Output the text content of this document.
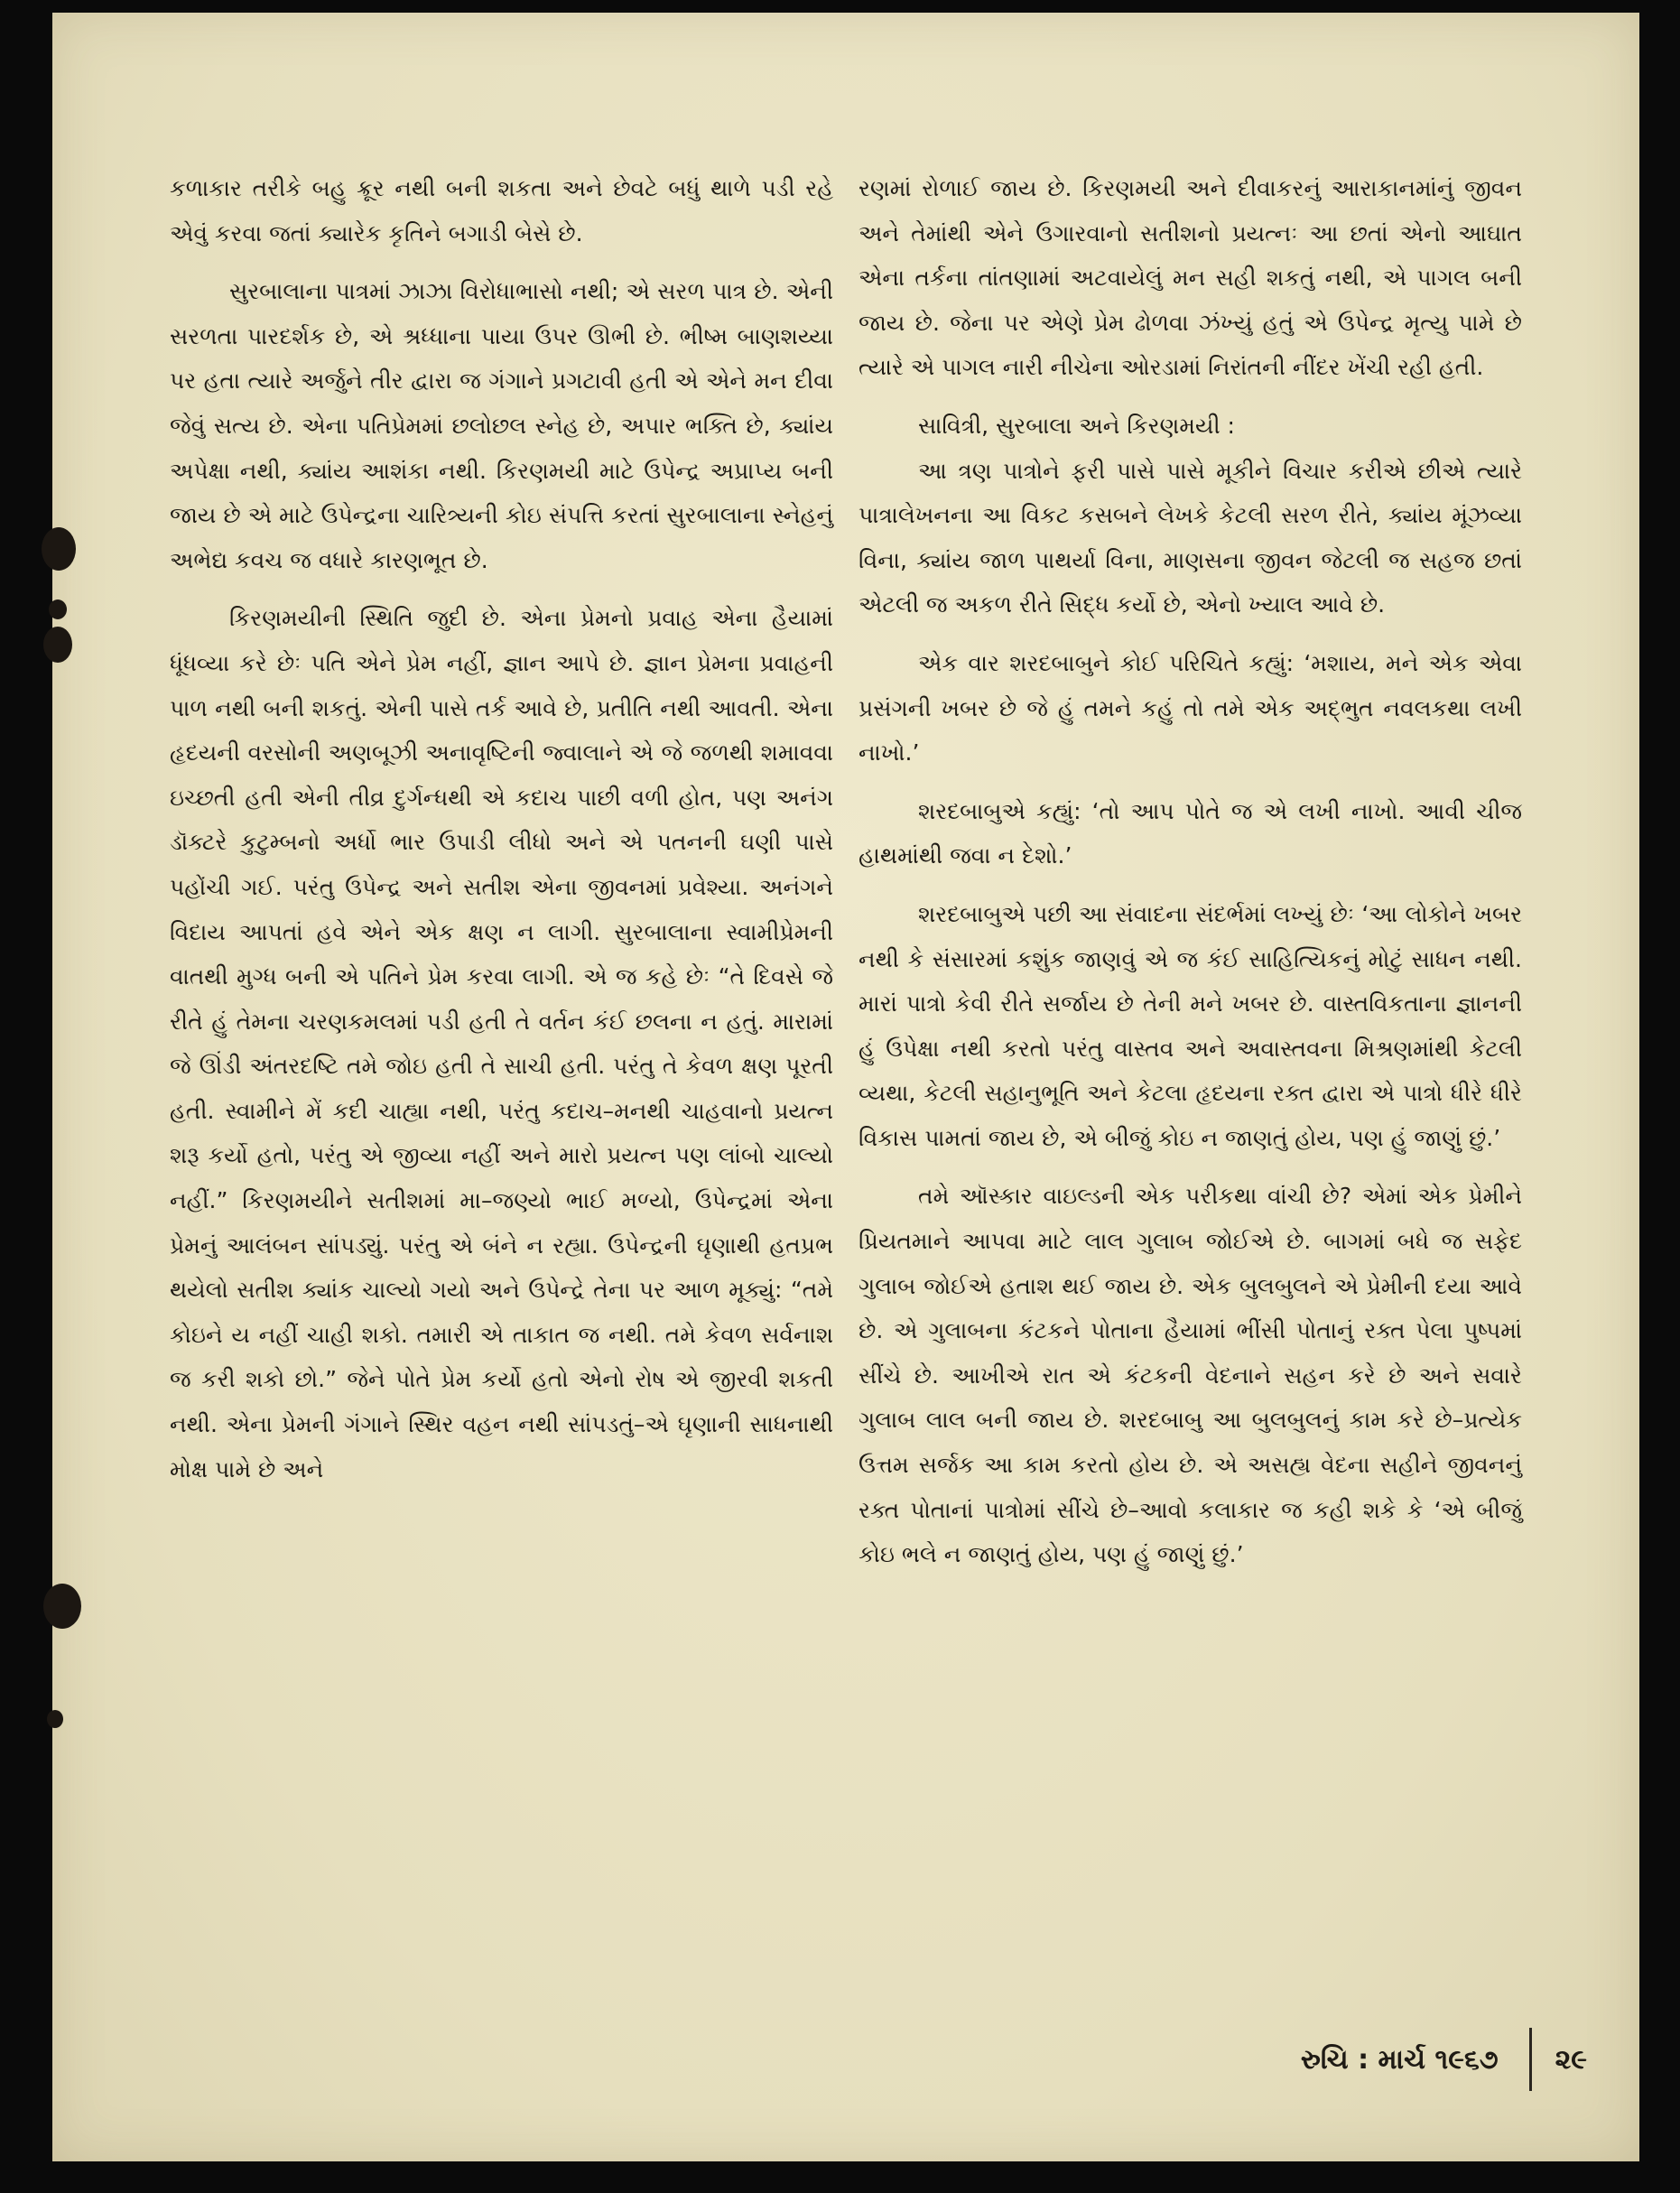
કળાકાર તરીકે બહુ ક્રૂર નથી બની શકતા અને છેવટે બધું થાળે પડી રહે એવું કરવા જતાં ક્યારેક કૃતિને બગાડી બેસે છે.

સુરબાલાના પાત્રમાં ઝાઝા વિરોધાભાસો નથી; એ સરળ પાત્ર છે. એની સરળતા પારદર્શક છે, એ શ્રધ્ધાના પાયા ઉપર ઊભી છે. ભીષ્મ બાણશય્યા પર હતા ત્યારે અર્જુને તીર દ્વારા જ ગંગાને પ્રગટાવી હતી એ એને મન દીવા જેવું સત્ય છે. એના પતિપ્રેમમાં છલોછલ સ્નેહ છે, અપાર ભક્તિ છે, ક્યાંય અપેક્ષા નથી, ક્યાંય આશંકા નથી. કિરણમયી માટે ઉપેન્દ્ર અપ્રાપ્ય બની જાય છે એ માટે ઉપેન્દ્રના ચારિત્ર્યની કોઇ સંપત્તિ કરતાં સુરબાલાના સ્નેહનું અભેદ્ય કવચ જ વધારે કારણભૂત છે.

કિરણમયીની સ્થિતિ જુદી છે. એના પ્રેમનો પ્રવાહ એના હૈયામાં ધૂંધવ્યા કરે છેઃ પતિ એને પ્રેમ નહીં, જ્ઞાન આપે છે. જ્ઞાન પ્રેમના પ્રવાહની પાળ નથી બની શકતું. એની પાસે તર્ક આવે છે, પ્રતીતિ નથી આવતી. એના હૃદયની વરસોની અણબૂઝી અનાવૃષ્ટિની જ્વાલાને એ જે જળથી શમાવવા ઇચ્છતી હતી એની તીવ્ર દુર્ગન્ધથી એ કદાચ પાછી વળી હોત, પણ અનંગ ડૉક્ટરે કુટુમ્બનો અર્ધો ભાર ઉપાડી લીધો અને એ પતનની ઘણી પાસે પહોંચી ગઈ. પરંતુ ઉપેન્દ્ર અને સતીશ એના જીવનમાં પ્રવેશ્યા. અનંગને વિદાય આપતાં હવે એને એક ક્ષણ ન લાગી. સુરબાલાના સ્વામીપ્રેમની વાતથી મુગ્ધ બની એ પતિને પ્રેમ કરવા લાગી. એ જ કહે છેઃ “તે દિવસે જે રીતે હું તેમના ચરણકમલમાં પડી હતી તે વર્તન કંઈ છલના ન હતું. મારામાં જે ઊંડી અંતરદષ્ટિ તમે જોઇ હતી તે સાચી હતી. પરંતુ તે કેવળ ક્ષણ પૂરતી હતી. સ્વામીને મેં કદી ચાહ્યા નથી, પરંતુ કદાચ–મનથી ચાહવાનો પ્રયત્ન શરૂ કર્યો હતો, પરંતુ એ જીવ્યા નહીં અને મારો પ્રયત્ન પણ લાંબો ચાલ્યો નહીં.” કિરણમયીને સતીશમાં મા–જણ્યો ભાઈ મળ્યો, ઉપેન્દ્રમાં એના પ્રેમનું આલંબન સાંપડ્યું. પરંતુ એ બંને ન રહ્યા. ઉપેન્દ્રની ઘૃણાથી હતપ્રભ થયેલો સતીશ ક્યાંક ચાલ્યો ગયો અને ઉપેન્દ્રે તેના પર આળ મૂક્યું: “તમે કોઇને ય નહીં ચાહી શકો. તમારી એ તાકાત જ નથી. તમે કેવળ સર્વનાશ જ કરી શકો છો.” જેને પોતે પ્રેમ કર્યો હતો એનો રોષ એ જીરવી શકતી નથી. એના પ્રેમની ગંગાને સ્થિર વહન નથી સાંપડતું–એ ઘૃણાની સાધનાથી મોક્ષ પામે છે અને

રણમાં રોળાઈ જાય છે. કિરણમયી અને દીવાકરનું આરાકાનમાંનું જીવન અને તેમાંથી એને ઉગારવાનો સતીશનો પ્રયત્નઃ આ છતાં એનો આઘાત એના તર્કના તાંતણામાં અટવાયેલું મન સહી શકતું નથી, એ પાગલ બની જાય છે. જેના પર એણે પ્રેમ ઢોળવા ઝંખ્યું હતું એ ઉપેન્દ્ર મૃત્યુ પામે છે ત્યારે એ પાગલ નારી નીચેના ઓરડામાં નિરાંતની નીંદર ખેંચી રહી હતી.

સાવિત્રી, સુરબાલા અને કિરણમયી :

આ ત્રણ પાત્રોને ફરી પાસે પાસે મૂકીને વિચાર કરીએ છીએ ત્યારે પાત્રાલેખનના આ વિકટ કસબને લેખકે કેટલી સરળ રીતે, ક્યાંય મૂંઝવ્યા વિના, ક્યાંય જાળ પાથર્યા વિના, માણસના જીવન જેટલી જ સહજ છતાં એટલી જ અકળ રીતે સિદ્ધ કર્યો છે, એનો ખ્યાલ આવે છે.

એક વાર શરદબાબુને કોઈ પરિચિતે કહ્યું: ‘મશાય, મને એક એવા પ્રસંગની ખબર છે જે હું તમને કહું તો તમે એક અદ્ભુત નવલકથા લખી નાખો.’

શરદબાબુએ કહ્યું: ‘તો આપ પોતે જ એ લખી નાખો. આવી ચીજ હાથમાંથી જવા ન દેશો.’

શરદબાબુએ પછી આ સંવાદના સંદર્ભમાં લખ્યું છેઃ ‘આ લોકોને ખબર નથી કે સંસારમાં કશુંક જાણવું એ જ કંઈ સાહિત્યિકનું મોટું સાધન નથી. મારાં પાત્રો કેવી રીતે સર્જાય છે તેની મને ખબર છે. વાસ્તવિકતાના જ્ઞાનની હું ઉપેક્ષા નથી કરતો પરંતુ વાસ્તવ અને અવાસ્તવના મિશ્રણમાંથી કેટલી વ્યથા, કેટલી સહાનુભૂતિ અને કેટલા હૃદયના રક્ત દ્વારા એ પાત્રો ધીરે ધીરે વિકાસ પામતાં જાય છે, એ બીજું કોઇ ન જાણતું હોય, પણ હું જાણું છું.’

તમે ઑસ્કાર વાઇલ્ડની એક પરીકથા વાંચી છે? એમાં એક પ્રેમીને પ્રિયતમાને આપવા માટે લાલ ગુલાબ જોઈએ છે. બાગમાં બધે જ સફેદ ગુલાબ જોઈએ હતાશ થઈ જાય છે. એક બુલબુલને એ પ્રેમીની દયા આવે છે. એ ગુલાબના કંટકને પોતાના હૈયામાં ભીંસી પોતાનું રક્ત પેલા પુષ્પમાં સીંચે છે. આખીએ રાત એ કંટકની વેદનાને સહન કરે છે અને સવારે ગુલાબ લાલ બની જાય છે. શરદબાબુ આ બુલબુલનું કામ કરે છે–પ્રત્યેક ઉત્તમ સર્જક આ કામ કરતો હોય છે. એ અસહ્ય વેદના સહીને જીવનનું રક્ત પોતાનાં પાત્રોમાં સીંચે છે–આવો કલાકાર જ કહી શકે કે ‘એ બીજું કોઇ ભલે ન જાણતું હોય, પણ હું જાણું છું.’

રુચિ : માર્ચ ૧૯૬૭ ૨૯
